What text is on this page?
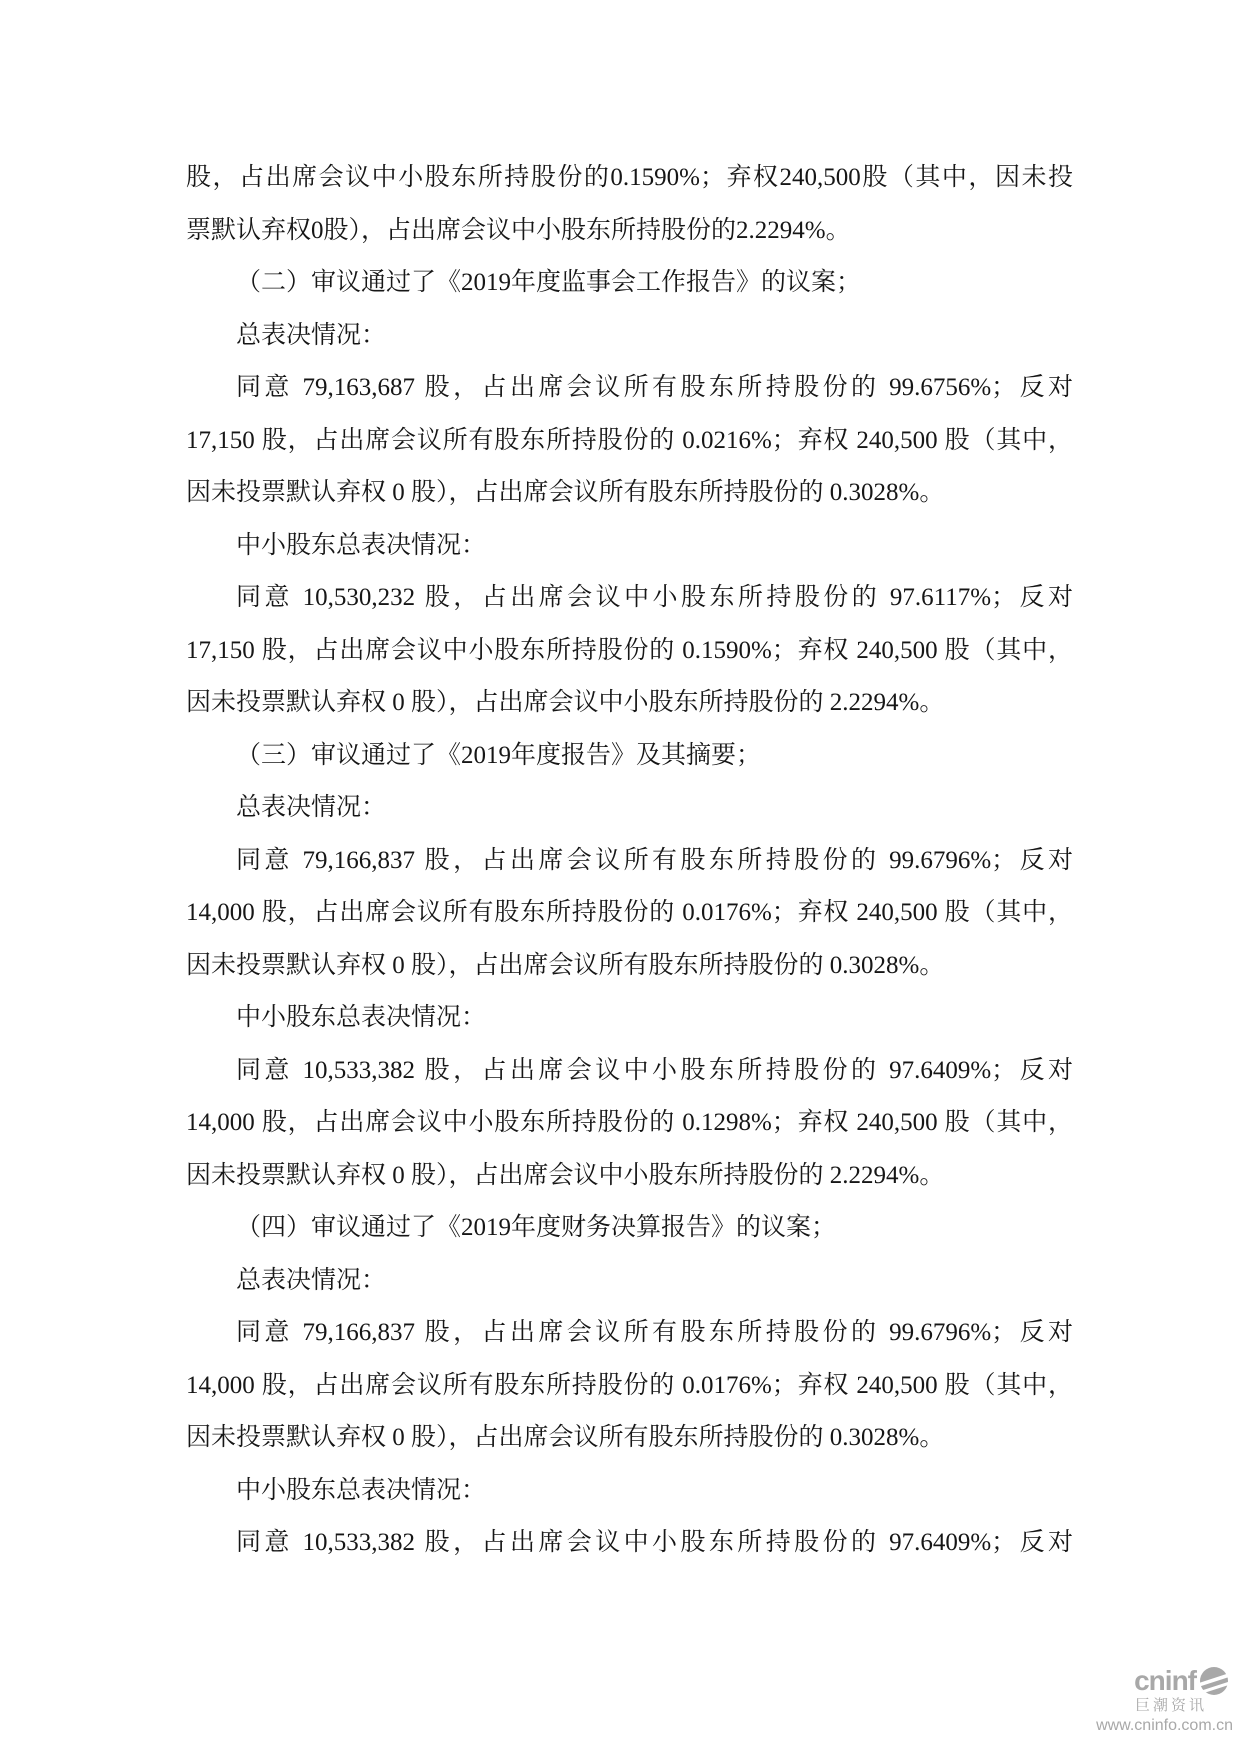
股，占出席会议中小股东所持股份的0.1590%；弃权240,500股（其中，因未投
票默认弃权0股），占出席会议中小股东所持股份的2.2294%。
（二）审议通过了《2019年度监事会工作报告》的议案；
总表决情况：
同意 79,163,687 股，占出席会议所有股东所持股份的 99.6756%；反对
17,150 股，占出席会议所有股东所持股份的 0.0216%；弃权 240,500 股（其中，
因未投票默认弃权 0 股），占出席会议所有股东所持股份的 0.3028%。
中小股东总表决情况：
同意 10,530,232 股，占出席会议中小股东所持股份的 97.6117%；反对
17,150 股，占出席会议中小股东所持股份的 0.1590%；弃权 240,500 股（其中，
因未投票默认弃权 0 股），占出席会议中小股东所持股份的 2.2294%。
（三）审议通过了《2019年度报告》及其摘要；
总表决情况：
同意 79,166,837 股，占出席会议所有股东所持股份的 99.6796%；反对
14,000 股，占出席会议所有股东所持股份的 0.0176%；弃权 240,500 股（其中，
因未投票默认弃权 0 股），占出席会议所有股东所持股份的 0.3028%。
中小股东总表决情况：
同意 10,533,382 股，占出席会议中小股东所持股份的 97.6409%；反对
14,000 股，占出席会议中小股东所持股份的 0.1298%；弃权 240,500 股（其中，
因未投票默认弃权 0 股），占出席会议中小股东所持股份的 2.2294%。
（四）审议通过了《2019年度财务决算报告》的议案；
总表决情况：
同意 79,166,837 股，占出席会议所有股东所持股份的 99.6796%；反对
14,000 股，占出席会议所有股东所持股份的 0.0176%；弃权 240,500 股（其中，
因未投票默认弃权 0 股），占出席会议所有股东所持股份的 0.3028%。
中小股东总表决情况：
同意 10,533,382 股，占出席会议中小股东所持股份的 97.6409%；反对
cninf
巨潮资讯
www.cninfo.com.cn
